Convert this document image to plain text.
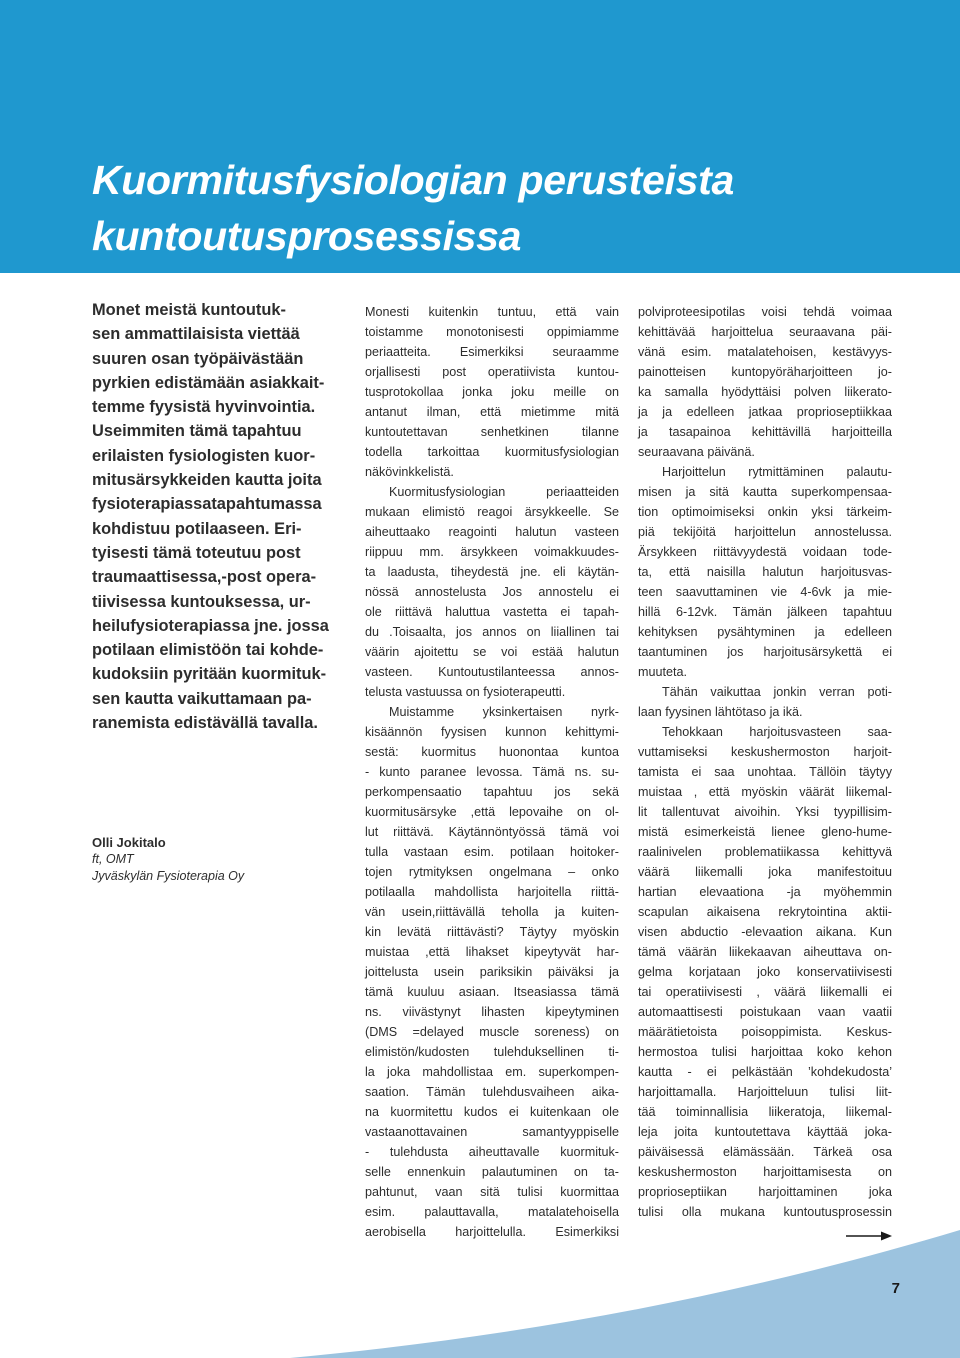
Kuormitusfysiologian perusteista
kuntoutusprosessissa
Monet meistä kuntoutuk-
sen ammattilaisista viettää
suuren osan työpäivästään
pyrkien edistämään asiakkait-
temme fyysistä hyvinvointia.
Useimmiten tämä tapahtuu
erilaisten fysiologisten kuor-
mitusärsykkeiden kautta joita
fysioterapiassatapahtumassa
kohdistuu potilaaseen. Eri-
tyisesti tämä toteutuu post
traumaattisessa,-post opera-
tiivisessa kuntouksessa, ur-
heilufysioterapiassa jne. jossa
potilaan elimistöön tai kohde-
kudoksiin pyritään kuormituk-
sen kautta vaikuttamaan pa-
ranemista edistävällä tavalla.
Olli Jokitalo
ft, OMT
Jyväskylän Fysioterapia Oy
Monesti kuitenkin tuntuu, että vain
toistamme monotonisesti oppimiamme
periaatteita. Esimerkiksi seuraamme
orjallisesti post operatiivista kuntou-
tusprotokollaa jonka joku meille on
antanut ilman, että mietimme mitä
kuntoutettavan senhetkinen tilanne
todella tarkoittaa kuormitusfysiologian
näkövinkkelistä.
Kuormitusfysiologian periaatteiden
mukaan elimistö reagoi ärsykkeelle. Se
aiheuttaako reagointi halutun vasteen
riippuu mm. ärsykkeen voimakkuudes-
ta laadusta, tiheydestä jne. eli käytän-
nössä annostelusta Jos annostelu ei
ole riittävä haluttua vastetta ei tapah-
du .Toisaalta, jos annos on liiallinen tai
väärin ajoitettu se voi estää halutun
vasteen. Kuntoutustilanteessa annos-
telusta vastuussa on fysioterapeutti.
Muistamme yksinkertaisen nyrk-
kisäännön fyysisen kunnon kehittymi-
sestä: kuormitus huonontaa kuntoa
- kunto paranee levossa. Tämä ns. su-
perkompensaatio tapahtuu jos sekä
kuormitusärsyke ,että lepovaihe on ol-
lut riittävä. Käytännöntyössä tämä voi
tulla vastaan esim. potilaan hoitoker-
tojen rytmityksen ongelmana – onko
potilaalla mahdollista harjoitella riittä-
vän usein,riittävällä teholla ja kuiten-
kin levätä riittävästi? Täytyy myöskin
muistaa ,että lihakset kipeytyvät har-
joittelusta usein pariksikin päiväksi ja
tämä kuuluu asiaan. Itseasiassa tämä
ns. viivästynyt lihasten kipeytyminen
(DMS =delayed muscle soreness) on
elimistön/kudosten tulehduksellinen ti-
la joka mahdollistaa em. superkompen-
saation. Tämän tulehdusvaiheen aika-
na kuormitettu kudos ei kuitenkaan ole
vastaanottavainen samantyyppiselle
- tulehdusta aiheuttavalle kuormituk-
selle ennenkuin palautuminen on ta-
pahtunut, vaan sitä tulisi kuormittaa
esim. palauttavalla, matalatehoisella
aerobisella harjoittelulla. Esimerkiksi
polviproteesipotilas voisi tehdä voimaa
kehittävää harjoittelua seuraavana päi-
vänä esim. matalatehoisen, kestävyys-
painotteisen kuntopyöräharjoitteen jo-
ka samalla hyödyttäisi polven liikerato-
ja ja edelleen jatkaa proprioseptiikkaa
ja tasapainoa kehittävillä harjoitteilla
seuraavana päivänä.
Harjoittelun rytmittäminen palautu-
misen ja sitä kautta superkompensaa-
tion optimoimiseksi onkin yksi tärkeim-
piä tekijöitä harjoittelun annostelussa.
Ärsykkeen riittävyydestä voidaan tode-
ta, että naisilla halutun harjoitusvas-
teen saavuttaminen vie 4-6vk ja mie-
hillä 6-12vk. Tämän jälkeen tapahtuu
kehityksen pysähtyminen ja edelleen
taantuminen jos harjoitusärsykettä ei
muuteta.
Tähän vaikuttaa jonkin verran poti-
laan fyysinen lähtötaso ja ikä.
Tehokkaan harjoitusvasteen saa-
vuttamiseksi keskushermoston harjoit-
tamista ei saa unohtaa. Tällöin täytyy
muistaa , että myöskin väärät liikemal-
lit tallentuvat aivoihin. Yksi tyypillisim-
mistä esimerkeistä lienee gleno-hume-
raalinivelen problematiikassa kehittyvä
väärä liikemalli joka manifestoituu
hartian elevaationa -ja myöhemmin
scapulan aikaisena rekrytointina aktii-
visen abductio -elevaation aikana. Kun
tämä väärän liikekaavan aiheuttava on-
gelma korjataan joko konservatiivisesti
tai operatiivisesti , väärä liikemalli ei
automaattisesti poistukaan vaan vaatii
määrätietoista poisoppimista. Keskus-
hermostoa tulisi harjoittaa koko kehon
kautta - ei pelkästään ’kohdekudosta’
harjoittamalla. Harjoitteluun tulisi liit-
tää toiminnallisia liikeratoja, liikemal-
leja joita kuntoutettava käyttää joka-
päiväisessä elämässään. Tärkeä osa
keskushermoston harjoittamisesta on
proprioseptiikan harjoittaminen joka
tulisi olla mukana kuntoutusprosessin
7
